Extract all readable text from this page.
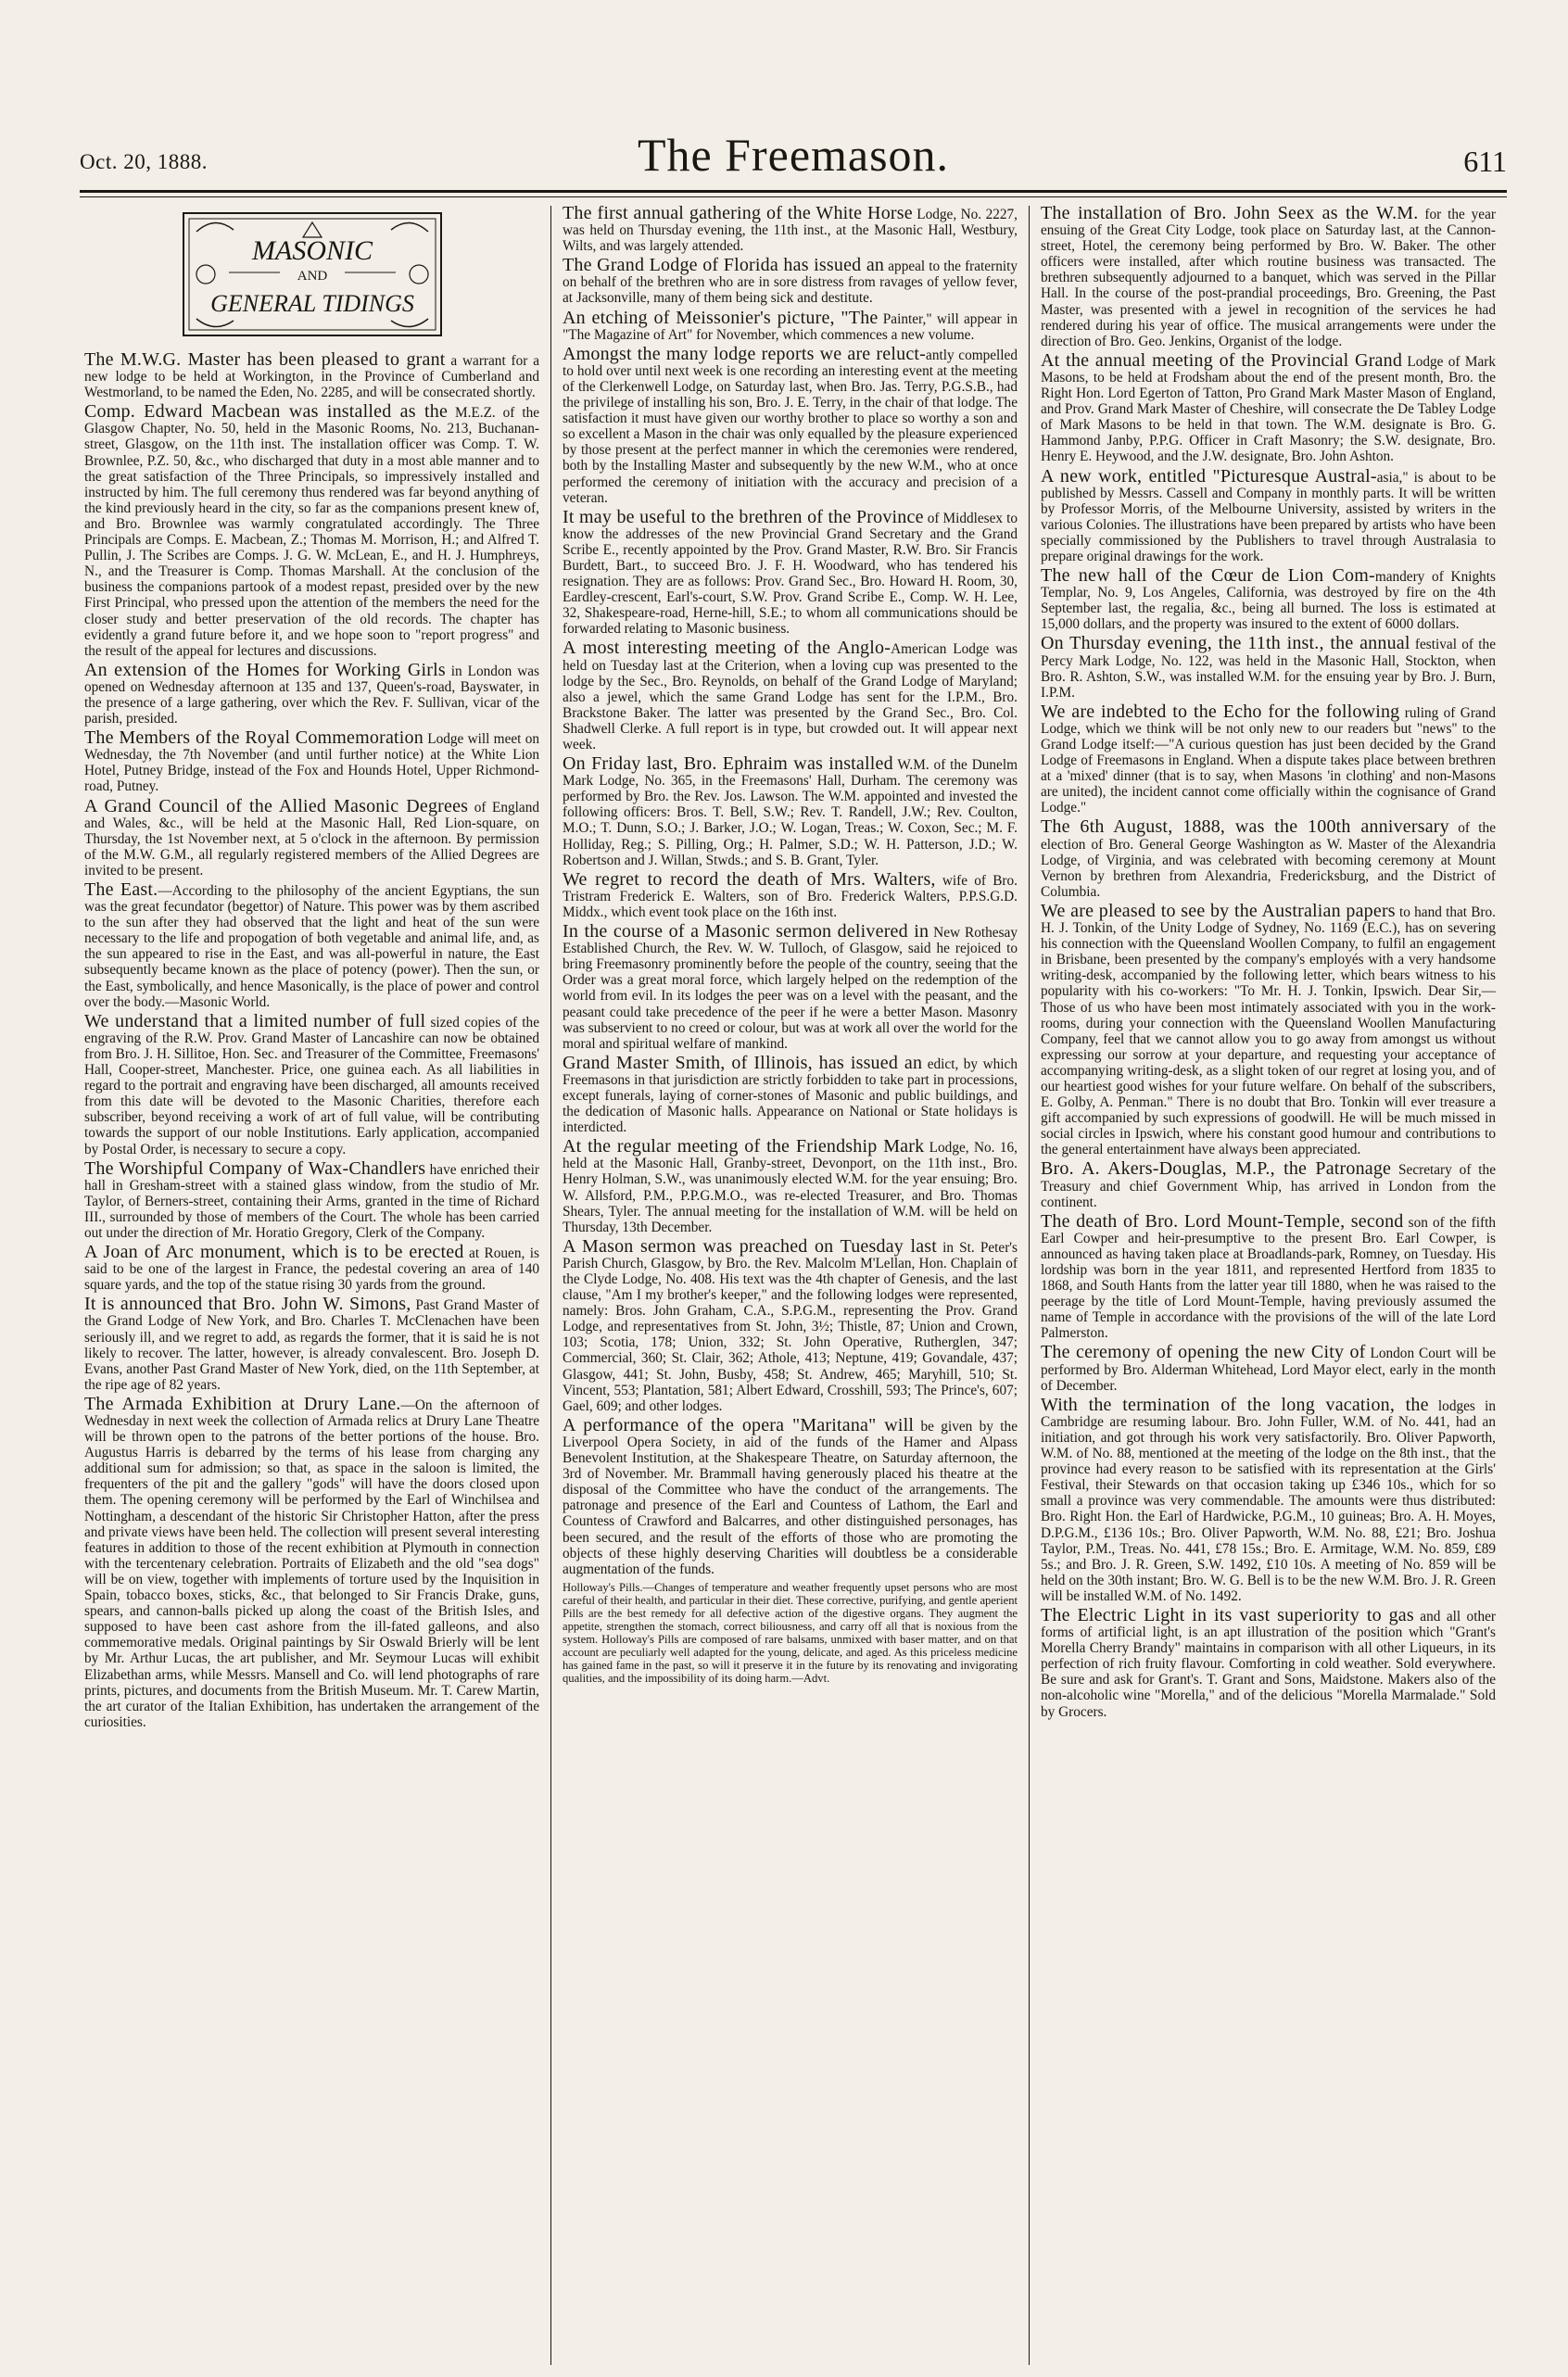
Oct. 20, 1888.	The Freemason.	611
MASONIC
AND
GENERAL TIDINGS

The M.W.G. Master has been pleased to grant a warrant for a new lodge to be held at Workington, in the Province of Cumberland and Westmorland, to be named the Eden, No. 2285, and will be consecrated shortly.

Comp. Edward Macbean was installed as the M.E.Z. of the Glasgow Chapter, No. 50, held in the Masonic Rooms, No. 213, Buchanan-street, Glasgow, on the 11th inst. The installation officer was Comp. T. W. Brownlee, P.Z. 50, &c., who discharged that duty in a most able manner and to the great satisfaction of the Three Principals, so impressively installed and instructed by him. The full ceremony thus rendered was far beyond anything of the kind previously heard in the city, so far as the companions present knew of, and Bro. Brownlee was warmly congratulated accordingly. The Three Principals are Comps. E. Macbean, Z.; Thomas M. Morrison, H.; and Alfred T. Pullin, J. The Scribes are Comps. J. G. W. McLean, E., and H. J. Humphreys, N., and the Treasurer is Comp. Thomas Marshall. At the conclusion of the business the companions partook of a modest repast, presided over by the new First Principal, who pressed upon the attention of the members the need for the closer study and better preservation of the old records. The chapter has evidently a grand future before it, and we hope soon to "report progress" and the result of the appeal for lectures and discussions.

An extension of the Homes for Working Girls in London was opened on Wednesday afternoon at 135 and 137, Queen's-road, Bayswater, in the presence of a large gathering, over which the Rev. F. Sullivan, vicar of the parish, presided.

The Members of the Royal Commemoration Lodge will meet on Wednesday, the 7th November (and until further notice) at the White Lion Hotel, Putney Bridge, instead of the Fox and Hounds Hotel, Upper Richmond-road, Putney.

A Grand Council of the Allied Masonic Degrees of England and Wales, &c., will be held at the Masonic Hall, Red Lion-square, on Thursday, the 1st November next, at 5 o'clock in the afternoon. By permission of the M.W. G.M., all regularly registered members of the Allied Degrees are invited to be present.

The East.—According to the philosophy of the ancient Egyptians, the sun was the great fecundator (begettor) of Nature. This power was by them ascribed to the sun after they had observed that the light and heat of the sun were necessary to the life and propogation of both vegetable and animal life, and, as the sun appeared to rise in the East, and was all-powerful in nature, the East subsequently became known as the place of potency (power). Then the sun, or the East, symbolically, and hence Masonically, is the place of power and control over the body.—Masonic World.

We understand that a limited number of full sized copies of the engraving of the R.W. Prov. Grand Master of Lancashire can now be obtained from Bro. J. H. Sillitoe, Hon. Sec. and Treasurer of the Committee, Freemasons' Hall, Cooper-street, Manchester. Price, one guinea each. As all liabilities in regard to the portrait and engraving have been discharged, all amounts received from this date will be devoted to the Masonic Charities, therefore each subscriber, beyond receiving a work of art of full value, will be contributing towards the support of our noble Institutions. Early application, accompanied by Postal Order, is necessary to secure a copy.

The Worshipful Company of Wax-Chandlers have enriched their hall in Gresham-street with a stained glass window, from the studio of Mr. Taylor, of Berners-street, containing their Arms, granted in the time of Richard III., surrounded by those of members of the Court. The whole has been carried out under the direction of Mr. Horatio Gregory, Clerk of the Company.

A Joan of Arc monument, which is to be erected at Rouen, is said to be one of the largest in France, the pedestal covering an area of 140 square yards, and the top of the statue rising 30 yards from the ground.

It is announced that Bro. John W. Simons, Past Grand Master of the Grand Lodge of New York, and Bro. Charles T. McClenachen have been seriously ill, and we regret to add, as regards the former, that it is said he is not likely to recover. The latter, however, is already convalescent. Bro. Joseph D. Evans, another Past Grand Master of New York, died, on the 11th September, at the ripe age of 82 years.

The Armada Exhibition at Drury Lane.—On the afternoon of Wednesday in next week the collection of Armada relics at Drury Lane Theatre will be thrown open to the patrons of the better portions of the house. Bro. Augustus Harris is debarred by the terms of his lease from charging any additional sum for admission; so that, as space in the saloon is limited, the frequenters of the pit and the gallery "gods" will have the doors closed upon them. The opening ceremony will be performed by the Earl of Winchilsea and Nottingham, a descendant of the historic Sir Christopher Hatton, after the press and private views have been held. The collection will present several interesting features in addition to those of the recent exhibition at Plymouth in connection with the tercentenary celebration. Portraits of Elizabeth and the old "sea dogs" will be on view, together with implements of torture used by the Inquisition in Spain, tobacco boxes, sticks, &c., that belonged to Sir Francis Drake, guns, spears, and cannon-balls picked up along the coast of the British Isles, and supposed to have been cast ashore from the ill-fated galleons, and also commemorative medals. Original paintings by Sir Oswald Brierly will be lent by Mr. Arthur Lucas, the art publisher, and Mr. Seymour Lucas will exhibit Elizabethan arms, while Messrs. Mansell and Co. will lend photographs of rare prints, pictures, and documents from the British Museum. Mr. T. Carew Martin, the art curator of the Italian Exhibition, has undertaken the arrangement of the curiosities.

The first annual gathering of the White Horse Lodge, No. 2227, was held on Thursday evening, the 11th inst., at the Masonic Hall, Westbury, Wilts, and was largely attended.

The Grand Lodge of Florida has issued an appeal to the fraternity on behalf of the brethren who are in sore distress from ravages of yellow fever, at Jacksonville, many of them being sick and destitute.

An etching of Meissonier's picture, "The Painter," will appear in "The Magazine of Art" for November, which commences a new volume.

Amongst the many lodge reports we are reluct-antly compelled to hold over until next week is one recording an interesting event at the meeting of the Clerkenwell Lodge, on Saturday last, when Bro. Jas. Terry, P.G.S.B., had the privilege of installing his son, Bro. J. E. Terry, in the chair of that lodge. The satisfaction it must have given our worthy brother to place so worthy a son and so excellent a Mason in the chair was only equalled by the pleasure experienced by those present at the perfect manner in which the ceremonies were rendered, both by the Installing Master and subsequently by the new W.M., who at once performed the ceremony of initiation with the accuracy and precision of a veteran.

It may be useful to the brethren of the Province of Middlesex to know the addresses of the new Provincial Grand Secretary and the Grand Scribe E., recently appointed by the Prov. Grand Master, R.W. Bro. Sir Francis Burdett, Bart., to succeed Bro. J. F. H. Woodward, who has tendered his resignation. They are as follows: Prov. Grand Sec., Bro. Howard H. Room, 30, Eardley-crescent, Earl's-court, S.W. Prov. Grand Scribe E., Comp. W. H. Lee, 32, Shakespeare-road, Herne-hill, S.E.; to whom all communications should be forwarded relating to Masonic business.

A most interesting meeting of the Anglo-American Lodge was held on Tuesday last at the Criterion, when a loving cup was presented to the lodge by the Sec., Bro. Reynolds, on behalf of the Grand Lodge of Maryland; also a jewel, which the same Grand Lodge has sent for the I.P.M., Bro. Brackstone Baker. The latter was presented by the Grand Sec., Bro. Col. Shadwell Clerke. A full report is in type, but crowded out. It will appear next week.

On Friday last, Bro. Ephraim was installed W.M. of the Dunelm Mark Lodge, No. 365, in the Freemasons' Hall, Durham. The ceremony was performed by Bro. the Rev. Jos. Lawson. The W.M. appointed and invested the following officers: Bros. T. Bell, S.W.; Rev. T. Randell, J.W.; Rev. Coulton, M.O.; T. Dunn, S.O.; J. Barker, J.O.; W. Logan, Treas.; W. Coxon, Sec.; M. F. Holliday, Reg.; S. Pilling, Org.; H. Palmer, S.D.; W. H. Patterson, J.D.; W. Robertson and J. Willan, Stwds.; and S. B. Grant, Tyler.

We regret to record the death of Mrs. Walters, wife of Bro. Tristram Frederick E. Walters, son of Bro. Frederick Walters, P.P.S.G.D. Middx., which event took place on the 16th inst.

In the course of a Masonic sermon delivered in New Rothesay Established Church, the Rev. W. W. Tulloch, of Glasgow, said he rejoiced to bring Freemasonry prominently before the people of the country, seeing that the Order was a great moral force, which largely helped on the redemption of the world from evil. In its lodges the peer was on a level with the peasant, and the peasant could take precedence of the peer if he were a better Mason. Masonry was subservient to no creed or colour, but was at work all over the world for the moral and spiritual welfare of mankind.

Grand Master Smith, of Illinois, has issued an edict, by which Freemasons in that jurisdiction are strictly forbidden to take part in processions, except funerals, laying of corner-stones of Masonic and public buildings, and the dedication of Masonic halls. Appearance on National or State holidays is interdicted.

At the regular meeting of the Friendship Mark Lodge, No. 16, held at the Masonic Hall, Granby-street, Devonport, on the 11th inst., Bro. Henry Holman, S.W., was unanimously elected W.M. for the year ensuing; Bro. W. Allsford, P.M., P.P.G.M.O., was re-elected Treasurer, and Bro. Thomas Shears, Tyler. The annual meeting for the installation of W.M. will be held on Thursday, 13th December.

A Mason sermon was preached on Tuesday last in St. Peter's Parish Church, Glasgow, by Bro. the Rev. Malcolm M'Lellan, Hon. Chaplain of the Clyde Lodge, No. 408. His text was the 4th chapter of Genesis, and the last clause, "Am I my brother's keeper," and the following lodges were represented, namely: Bros. John Graham, C.A., S.P.G.M., representing the Prov. Grand Lodge, and representatives from St. John, 3½; Thistle, 87; Union and Crown, 103; Scotia, 178; Union, 332; St. John Operative, Rutherglen, 347; Commercial, 360; St. Clair, 362; Athole, 413; Neptune, 419; Govandale, 437; Glasgow, 441; St. John, Busby, 458; St. Andrew, 465; Maryhill, 510; St. Vincent, 553; Plantation, 581; Albert Edward, Crosshill, 593; The Prince's, 607; Gael, 609; and other lodges.

A performance of the opera "Maritana" will be given by the Liverpool Opera Society, in aid of the funds of the Hamer and Alpass Benevolent Institution, at the Shakespeare Theatre, on Saturday afternoon, the 3rd of November. Mr. Brammall having generously placed his theatre at the disposal of the Committee who have the conduct of the arrangements. The patronage and presence of the Earl and Countess of Lathom, the Earl and Countess of Crawford and Balcarres, and other distinguished personages, has been secured, and the result of the efforts of those who are promoting the objects of these highly deserving Charities will doubtless be a considerable augmentation of the funds.

Holloway's Pills.—Changes of temperature and weather frequently upset persons who are most careful of their health, and particular in their diet. These corrective, purifying, and gentle aperient Pills are the best remedy for all defective action of the digestive organs. They augment the appetite, strengthen the stomach, correct biliousness, and carry off all that is noxious from the system. Holloway's Pills are composed of rare balsams, unmixed with baser matter, and on that account are peculiarly well adapted for the young, delicate, and aged. As this priceless medicine has gained fame in the past, so will it preserve it in the future by its renovating and invigorating qualities, and the impossibility of its doing harm.—Advt.

The installation of Bro. John Seex as the W.M. for the year ensuing of the Great City Lodge, took place on Saturday last, at the Cannon-street, Hotel, the ceremony being performed by Bro. W. Baker. The other officers were installed, after which routine business was transacted. The brethren subsequently adjourned to a banquet, which was served in the Pillar Hall. In the course of the post-prandial proceedings, Bro. Greening, the Past Master, was presented with a jewel in recognition of the services he had rendered during his year of office. The musical arrangements were under the direction of Bro. Geo. Jenkins, Organist of the lodge.

At the annual meeting of the Provincial Grand Lodge of Mark Masons, to be held at Frodsham about the end of the present month, Bro. the Right Hon. Lord Egerton of Tatton, Pro Grand Mark Master Mason of England, and Prov. Grand Mark Master of Cheshire, will consecrate the De Tabley Lodge of Mark Masons to be held in that town. The W.M. designate is Bro. G. Hammond Janby, P.P.G. Officer in Craft Masonry; the S.W. designate, Bro. Henry E. Heywood, and the J.W. designate, Bro. John Ashton.

A new work, entitled "Picturesque Austral-asia," is about to be published by Messrs. Cassell and Company in monthly parts. It will be written by Professor Morris, of the Melbourne University, assisted by writers in the various Colonies. The illustrations have been prepared by artists who have been specially commissioned by the Publishers to travel through Australasia to prepare original drawings for the work.

The new hall of the Cœur de Lion Com-mandery of Knights Templar, No. 9, Los Angeles, California, was destroyed by fire on the 4th September last, the regalia, &c., being all burned. The loss is estimated at 15,000 dollars, and the property was insured to the extent of 6000 dollars.

On Thursday evening, the 11th inst., the annual festival of the Percy Mark Lodge, No. 122, was held in the Masonic Hall, Stockton, when Bro. R. Ashton, S.W., was installed W.M. for the ensuing year by Bro. J. Burn, I.P.M.

We are indebted to the Echo for the following ruling of Grand Lodge, which we think will be not only new to our readers but "news" to the Grand Lodge itself:—"A curious question has just been decided by the Grand Lodge of Freemasons in England. When a dispute takes place between brethren at a 'mixed' dinner (that is to say, when Masons 'in clothing' and non-Masons are united), the incident cannot come officially within the cognisance of Grand Lodge."

The 6th August, 1888, was the 100th anniversary of the election of Bro. General George Washington as W. Master of the Alexandria Lodge, of Virginia, and was celebrated with becoming ceremony at Mount Vernon by brethren from Alexandria, Fredericksburg, and the District of Columbia.

We are pleased to see by the Australian papers to hand that Bro. H. J. Tonkin, of the Unity Lodge of Sydney, No. 1169 (E.C.), has on severing his connection with the Queensland Woollen Company, to fulfil an engagement in Brisbane, been presented by the company's employés with a very handsome writing-desk, accompanied by the following letter, which bears witness to his popularity with his co-workers: "To Mr. H. J. Tonkin, Ipswich. Dear Sir,—Those of us who have been most intimately associated with you in the work-rooms, during your connection with the Queensland Woollen Manufacturing Company, feel that we cannot allow you to go away from amongst us without expressing our sorrow at your departure, and requesting your acceptance of accompanying writing-desk, as a slight token of our regret at losing you, and of our heartiest good wishes for your future welfare. On behalf of the subscribers, E. Golby, A. Penman." There is no doubt that Bro. Tonkin will ever treasure a gift accompanied by such expressions of goodwill. He will be much missed in social circles in Ipswich, where his constant good humour and contributions to the general entertainment have always been appreciated.

Bro. A. Akers-Douglas, M.P., the Patronage Secretary of the Treasury and chief Government Whip, has arrived in London from the continent.

The death of Bro. Lord Mount-Temple, second son of the fifth Earl Cowper and heir-presumptive to the present Bro. Earl Cowper, is announced as having taken place at Broadlands-park, Romney, on Tuesday. His lordship was born in the year 1811, and represented Hertford from 1835 to 1868, and South Hants from the latter year till 1880, when he was raised to the peerage by the title of Lord Mount-Temple, having previously assumed the name of Temple in accordance with the provisions of the will of the late Lord Palmerston.

The ceremony of opening the new City of London Court will be performed by Bro. Alderman Whitehead, Lord Mayor elect, early in the month of December.

With the termination of the long vacation, the lodges in Cambridge are resuming labour. Bro. John Fuller, W.M. of No. 441, had an initiation, and got through his work very satisfactorily. Bro. Oliver Papworth, W.M. of No. 88, mentioned at the meeting of the lodge on the 8th inst., that the province had every reason to be satisfied with its representation at the Girls' Festival, their Stewards on that occasion taking up £346 10s., which for so small a province was very commendable. The amounts were thus distributed: Bro. Right Hon. the Earl of Hardwicke, P.G.M., 10 guineas; Bro. A. H. Moyes, D.P.G.M., £136 10s.; Bro. Oliver Papworth, W.M. No. 88, £21; Bro. Joshua Taylor, P.M., Treas. No. 441, £78 15s.; Bro. E. Armitage, W.M. No. 859, £89 5s.; and Bro. J. R. Green, S.W. 1492, £10 10s. A meeting of No. 859 will be held on the 30th instant; Bro. W. G. Bell is to be the new W.M. Bro. J. R. Green will be installed W.M. of No. 1492.

The Electric Light in its vast superiority to gas and all other forms of artificial light, is an apt illustration of the position which "Grant's Morella Cherry Brandy" maintains in comparison with all other Liqueurs, in its perfection of rich fruity flavour. Comforting in cold weather. Sold everywhere. Be sure and ask for Grant's. T. Grant and Sons, Maidstone. Makers also of the non-alcoholic wine "Morella," and of the delicious "Morella Marmalade." Sold by Grocers.
